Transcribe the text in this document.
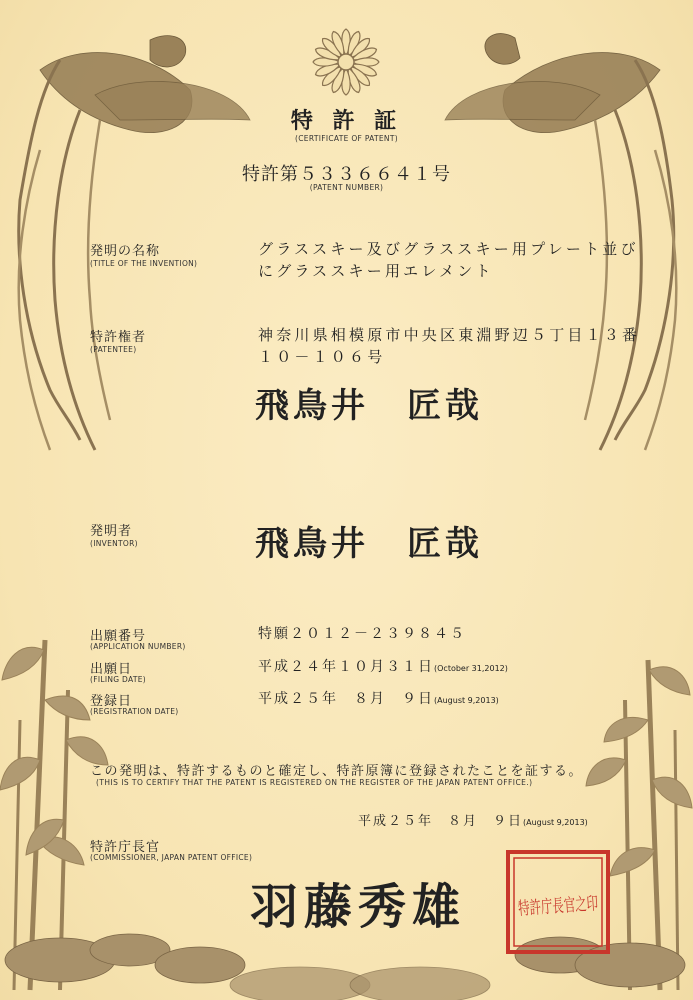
特許庁長官之印
特 許 証
(CERTIFICATE OF PATENT)
特許第５３３６６４１号
(PATENT NUMBER)
発明の名称
(TITLE OF THE INVENTION)
グラススキー及びグラススキー用プレート並び
にグラススキー用エレメント
特許権者
(PATENTEE)
神奈川県相模原市中央区東淵野辺５丁目１３番
１０－１０６号
飛鳥井　匠哉
発明者
(INVENTOR)	飛鳥井　匠哉
出願番号
(APPLICATION NUMBER)
特願２０１２－２３９８４５
出願日
(FILING DATE)
平成２４年１０月３１日(October 31,2012)
登録日
(REGISTRATION DATE)
平成２５年　８月　９日(August 9,2013)
この発明は、特許するものと確定し、特許原簿に登録されたことを証する。
(THIS IS TO CERTIFY THAT THE PATENT IS REGISTERED ON THE REGISTER OF THE JAPAN PATENT OFFICE.)
平成２５年　８月　９日(August 9,2013)
特許庁長官
(COMMISSIONER, JAPAN PATENT OFFICE)
羽藤秀雄
